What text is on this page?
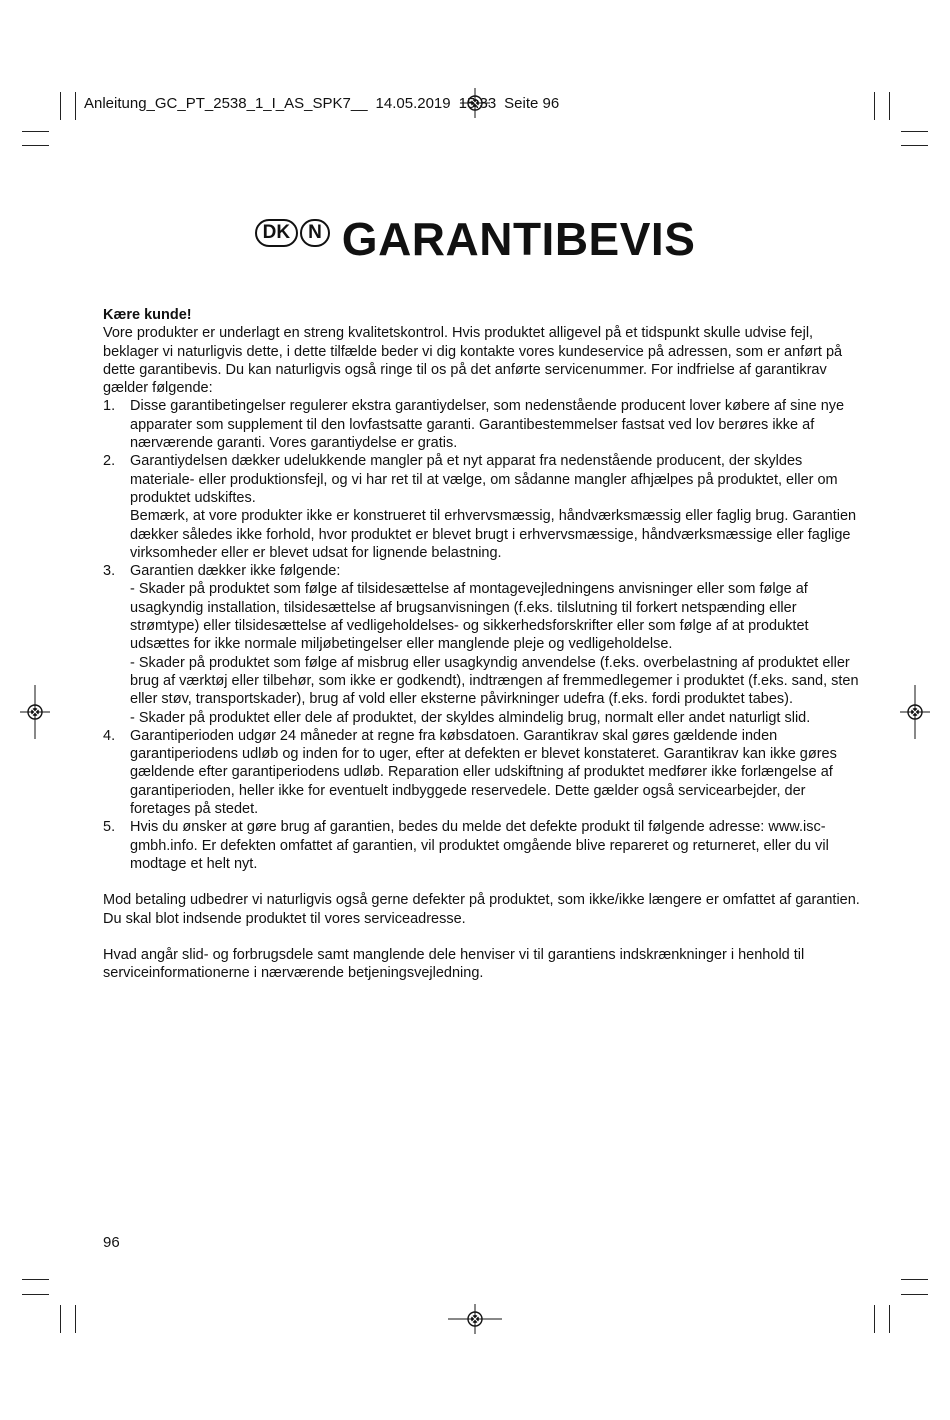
Anleitung_GC_PT_2538_1_I_AS_SPK7__ 14.05.2019 15:33 Seite 96
DK N GARANTIBEVIS

Kære kunde!

Vore produkter er underlagt en streng kvalitetskontrol. Hvis produktet alligevel på et tidspunkt skulle udvise fejl, beklager vi naturligvis dette, i dette tilfælde beder vi dig kontakte vores kundeservice på adressen, som er anført på dette garantibevis. Du kan naturligvis også ringe til os på det anførte servicenummer. For indfrielse af garantikrav gælder følgende:

1. Disse garantibetingelser regulerer ekstra garantiydelser, som nedenstående producent lover købere af sine nye apparater som supplement til den lovfastsatte garanti. Garantibestemmelser fastsat ved lov berøres ikke af nærværende garanti. Vores garantiydelse er gratis.

2. Garantiydelsen dækker udelukkende mangler på et nyt apparat fra nedenstående producent, der skyldes materiale- eller produktionsfejl, og vi har ret til at vælge, om sådanne mangler afhjælpes på produktet, eller om produktet udskiftes.

Bemærk, at vore produkter ikke er konstrueret til erhvervsmæssig, håndværksmæssig eller faglig brug. Garantien dækker således ikke forhold, hvor produktet er blevet brugt i erhvervsmæssige, håndværksmæssige eller faglige virksomheder eller er blevet udsat for lignende belastning.

3. Garantien dækker ikke følgende:

- Skader på produktet som følge af tilsidesættelse af montagevejledningens anvisninger eller som følge af usagkyndig installation, tilsidesættelse af brugsanvisningen (f.eks. tilslutning til forkert netspænding eller strømtype) eller tilsidesættelse af vedligeholdelses- og sikkerhedsforskrifter eller som følge af at produktet udsættes for ikke normale miljøbetingelser eller manglende pleje og vedligeholdelse.

- Skader på produktet som følge af misbrug eller usagkyndig anvendelse (f.eks. overbelastning af produktet eller brug af værktøj eller tilbehør, som ikke er godkendt), indtrængen af fremmedlegemer i produktet (f.eks. sand, sten eller støv, transportskader), brug af vold eller eksterne påvirkninger udefra (f.eks. fordi produktet tabes).

- Skader på produktet eller dele af produktet, der skyldes almindelig brug, normalt eller andet naturligt slid.

4. Garantiperioden udgør 24 måneder at regne fra købsdatoen. Garantikrav skal gøres gældende inden garantiperiodens udløb og inden for to uger, efter at defekten er blevet konstateret. Garantikrav kan ikke gøres gældende efter garantiperiodens udløb. Reparation eller udskiftning af produktet medfører ikke forlængelse af garantiperioden, heller ikke for eventuelt indbyggede reservedele. Dette gælder også servicearbejder, der foretages på stedet.

5. Hvis du ønsker at gøre brug af garantien, bedes du melde det defekte produkt til følgende adresse: www.isc-gmbh.info. Er defekten omfattet af garantien, vil produktet omgående blive repareret og returneret, eller du vil modtage et helt nyt.

Mod betaling udbedrer vi naturligvis også gerne defekter på produktet, som ikke/ikke længere er omfattet af garantien. Du skal blot indsende produktet til vores serviceadresse.

Hvad angår slid- og forbrugsdele samt manglende dele henviser vi til garantiens indskrænkninger i henhold til serviceinformationerne i nærværende betjeningsvejledning.

96
